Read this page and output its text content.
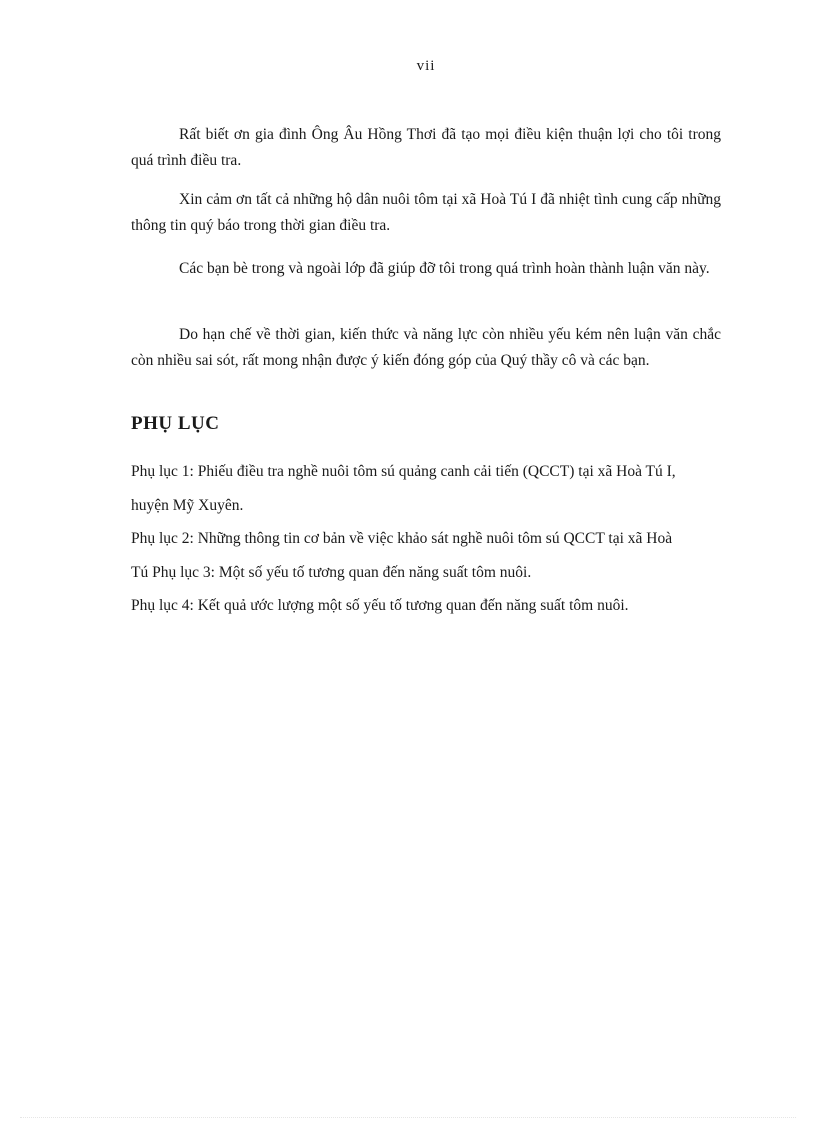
vii

Rất biết ơn gia đình Ông Âu Hồng Thơi đã tạo mọi điều kiện thuận lợi cho tôi trong quá trình điều tra.

Xin cảm ơn tất cả những hộ dân nuôi tôm tại xã Hoà Tú I đã nhiệt tình cung cấp những thông tin quý báo trong thời gian điều tra.

Các bạn bè trong và ngoài lớp đã giúp đỡ tôi trong quá trình hoàn thành luận văn này.

Do hạn chế về thời gian, kiến thức và năng lực còn nhiều yếu kém nên luận văn chắc còn nhiều sai sót, rất mong nhận được ý kiến đóng góp của Quý thầy cô và các bạn.

PHỤ LỤC
Phụ lục 1: Phiếu điều tra nghề nuôi tôm sú quảng canh cải tiến (QCCT) tại xã Hoà Tú I,
huyện Mỹ Xuyên.
Phụ lục 2: Những thông tin cơ bản về việc khảo sát nghề nuôi tôm sú QCCT tại xã Hoà
Tú Phụ lục 3: Một số yếu tố tương quan đến năng suất tôm nuôi.
Phụ lục 4: Kết quả ước lượng một số yếu tố tương quan đến năng suất tôm nuôi.
